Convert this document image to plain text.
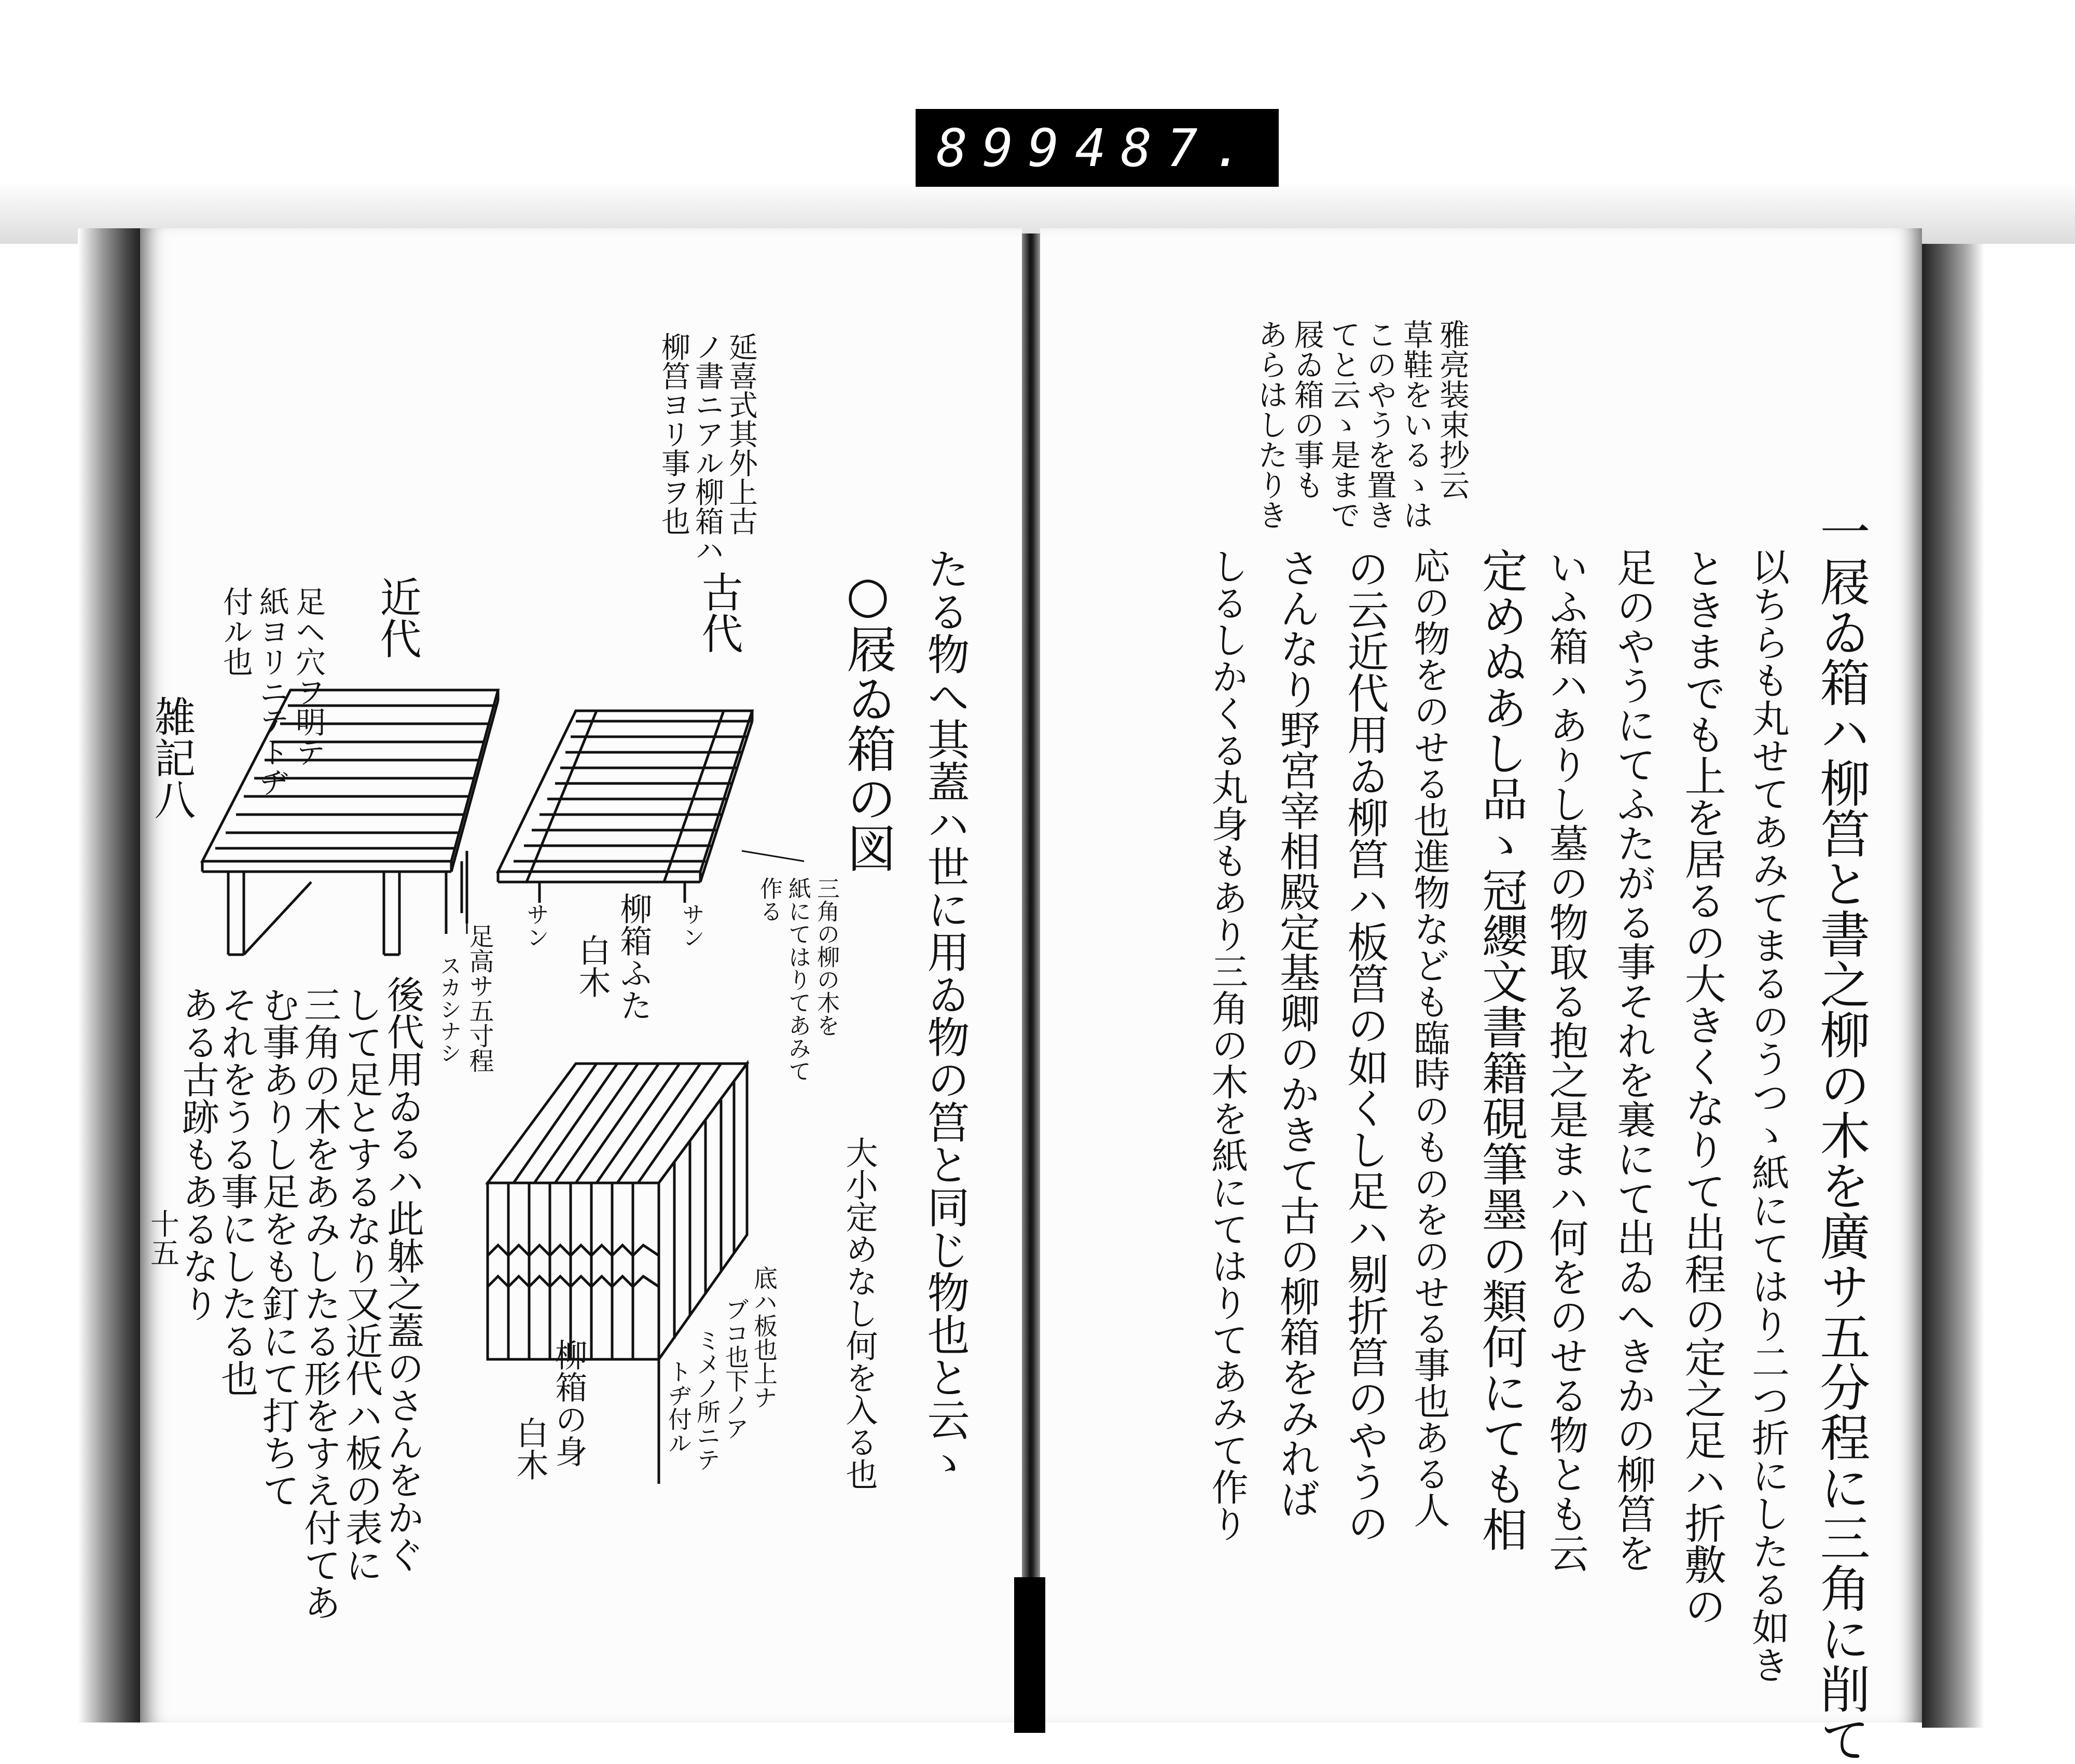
899 487.
雅亮装束抄云
草鞋をいるゝは
このやうを置き
てと云ゝ是まで
屐ゐ箱の事も
あらはしたりき
一屐ゐ箱ハ柳筥と書之柳の木を廣サ五分程に三角に削て
以ちらも丸せてあみてまるのうつゝ紙にてはり二つ折にしたる如き
ときまでも上を居るの大きくなりて出程の定之足ハ折敷の
足のやうにてふたがる事それを裏にて出ゐへきかの柳筥を
いふ箱ハありし墓の物取る抱之是まハ何をのせる物とも云
定めぬあし品ゝ冠纓文書籍硯筆墨の類何にても相
応の物をのせる也進物なども臨時のものをのせる事也ある人
の云近代用ゐ柳筥ハ板筥の如くし足ハ剔折筥のやうの
さんなり野宮宰相殿定基卿のかきて古の柳箱をみれば
しるしかくる丸身もあり三角の木を紙にてはりてあみて作り
たる物へ其蓋ハ世に用ゐ物の筥と同じ物也と云ゝ
○屐ゐ箱の図
延喜式其外上古
ノ書ニアル柳箱ハ
柳筥ヨリ事ヲ也
古代
近代
足ヘ穴ヲ明テ
紙ヨリニテトヂ
付ル也
雑記八
十五
三角の柳の木を
紙にてはりてあみて
作る
サン
サン 柳箱ふた
白木
足高サ五寸程
スカシナシ
大小定めなし何を入る也
底ハ板也上ナ
ブコ也下ノア
ミメノ所ニテ
トヂ付ル
柳箱の身
白木
後代用ゐるハ此躰之蓋のさんをかぐ
して足とするなり又近代ハ板の表に
三角の木をあみしたる形をすえ付てあ
む事ありし足をも釘にて打ちて
それをうる事にしたる也
ある古跡もあるなり
